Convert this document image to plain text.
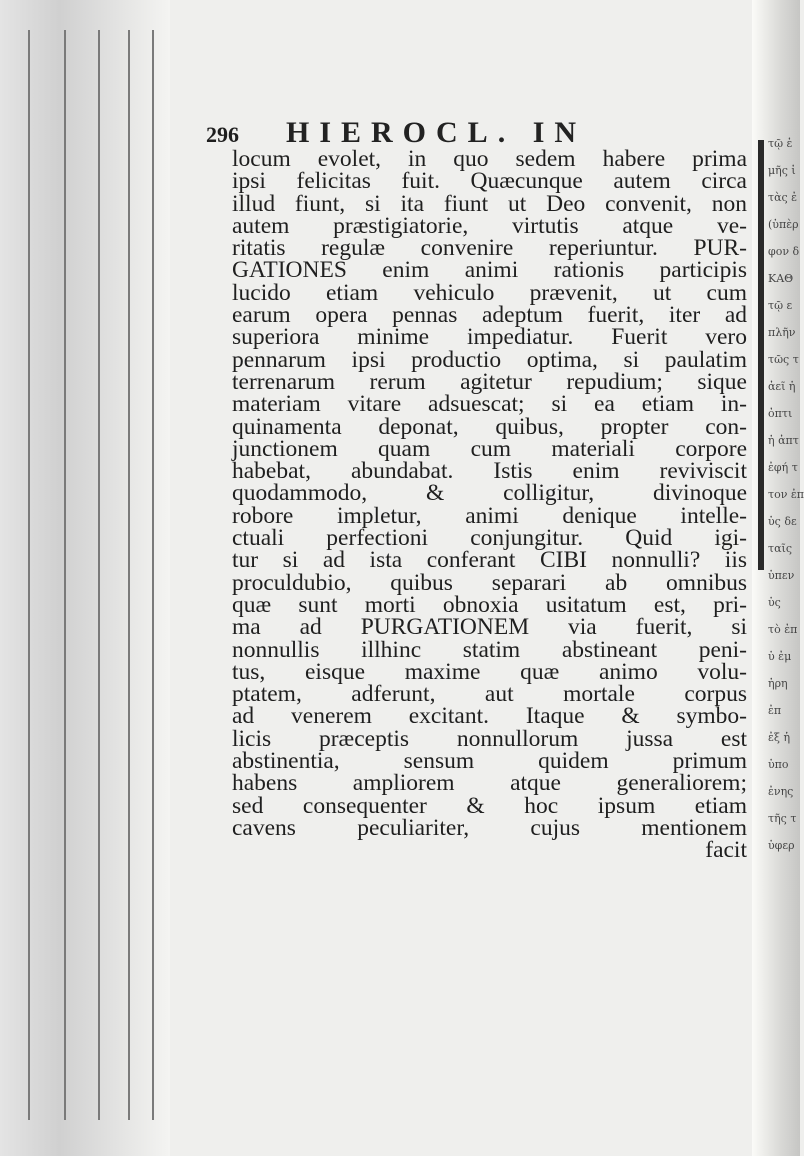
τῷ ἑ
μῆς ἱ
τὰς ἐ
(ὑπὲρ
φον δ
ΚΑΘ
τῷ ε
πλῆν
τῶς τ
ἀεῖ ἡ
ὀπτι
ἡ ἀπτ
ἐφή τ
τον ἐπ
ὑς δε
ταῖς
ὑπεν
ὑς
τὸ ἐπ
ὑ ἐμ
ἡρη
ἐπ
ἐξ ἡ
ὑπο
ἐνης
τῆς τ
ὑφερ
296 HIEROCL. IN
locum evolet, in quo sedem habere prima
ipsi felicitas fuit. Quæcunque autem circa
illud fiunt, si ita fiunt ut Deo convenit, non
autem præstigiatorie, virtutis atque ve-
ritatis regulæ convenire reperiuntur. PUR-
GATIONES enim animi rationis participis
lucido etiam vehiculo prævenit, ut cum
earum opera pennas adeptum fuerit, iter ad
superiora minime impediatur. Fuerit vero
pennarum ipsi productio optima, si paulatim
terrenarum rerum agitetur repudium; sique
materiam vitare adsuescat; si ea etiam in-
quinamenta deponat, quibus, propter con-
junctionem quam cum materiali corpore
habebat, abundabat. Istis enim reviviscit
quodammodo, & colligitur, divinoque
robore impletur, animi denique intelle-
ctuali perfectioni conjungitur. Quid igi-
tur si ad ista conferant CIBI nonnulli? iis
proculdubio, quibus separari ab omnibus
quæ sunt morti obnoxia usitatum est, pri-
ma ad PURGATIONEM via fuerit, si
nonnullis illhinc statim abstineant peni-
tus, eisque maxime quæ animo volu-
ptatem, adferunt, aut mortale corpus
ad venerem excitant. Itaque & symbo-
licis præceptis nonnullorum jussa est
abstinentia, sensum quidem primum
habens ampliorem atque generaliorem;
sed consequenter & hoc ipsum etiam
cavens peculiariter, cujus mentionem
facit
